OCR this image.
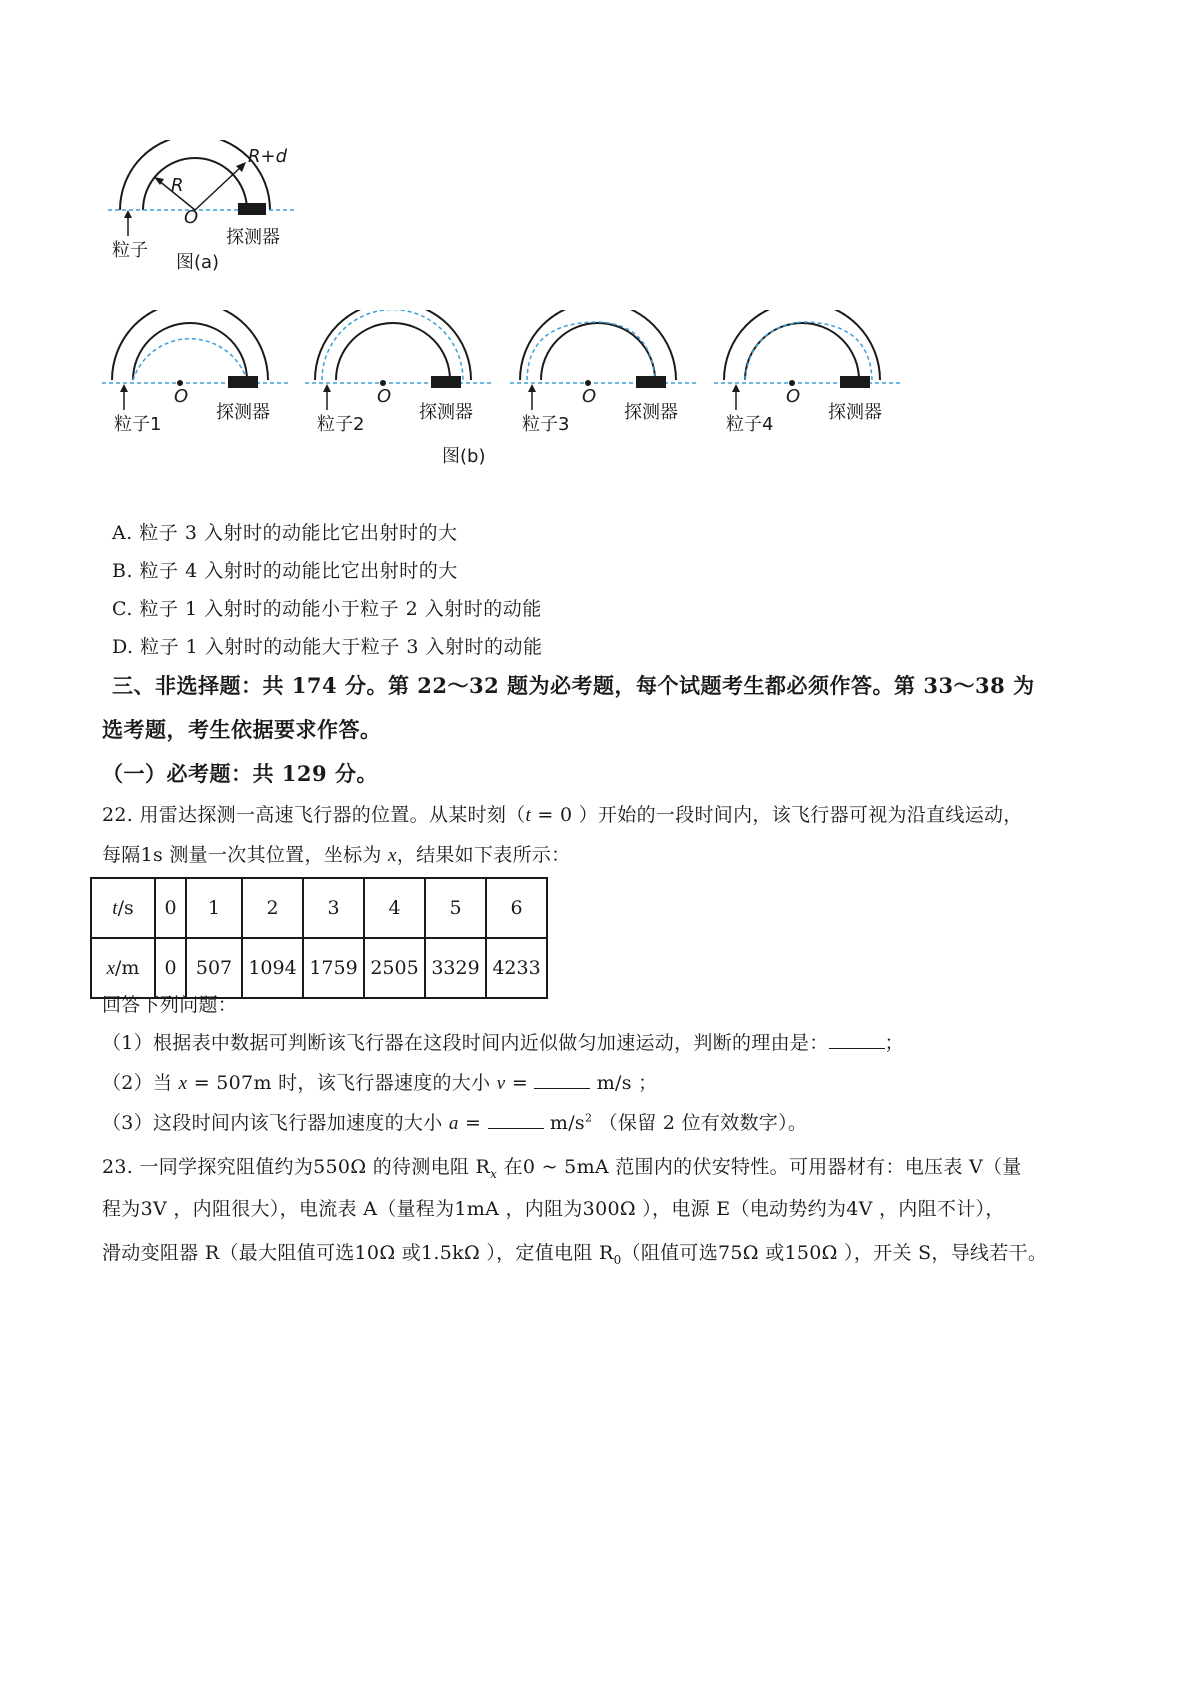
R
R+d
O
粒子
探测器
图(a)
O
粒子1
探测器
O
粒子2
探测器
O
粒子3
探测器
O
粒子4
探测器
图(b)
A. 粒子 3 入射时的动能比它出射时的大
B. 粒子 4 入射时的动能比它出射时的大
C. 粒子 1 入射时的动能小于粒子 2 入射时的动能
D. 粒子 1 入射时的动能大于粒子 3 入射时的动能
三、非选择题：共 174 分。第 22～32 题为必考题，每个试题考生都必须作答。第 33～38 为
选考题，考生依据要求作答。
（一）必考题：共 129 分。
22. 用雷达探测一高速飞行器的位置。从某时刻（t = 0 ）开始的一段时间内，该飞行器可视为沿直线运动，
每隔1s 测量一次其位置，坐标为 x，结果如下表所示：
t/s	0	1	2	3	4	5	6
x/m	0	507	1094	1759	2505	3329	4233
回答下列问题：
（1）根据表中数据可判断该飞行器在这段时间内近似做匀加速运动，判断的理由是：	；
（2）当 x = 507m 时，该飞行器速度的大小 v =	m/s ；
（3）这段时间内该飞行器加速度的大小 a =	$m/s^2$ （保留 2 位有效数字）。
23. 一同学探究阻值约为550Ω 的待测电阻 $R_x$ 在0 ~ 5mA 范围内的伏安特性。可用器材有：电压表 V（量
程为3V ，内阻很大），电流表 A（量程为1mA ，内阻为300Ω ），电源 E（电动势约为4V ，内阻不计），
滑动变阻器 R（最大阻值可选10Ω 或1.5kΩ ），定值电阻 $R_0$（阻值可选75Ω 或150Ω ），开关 S，导线若干。
